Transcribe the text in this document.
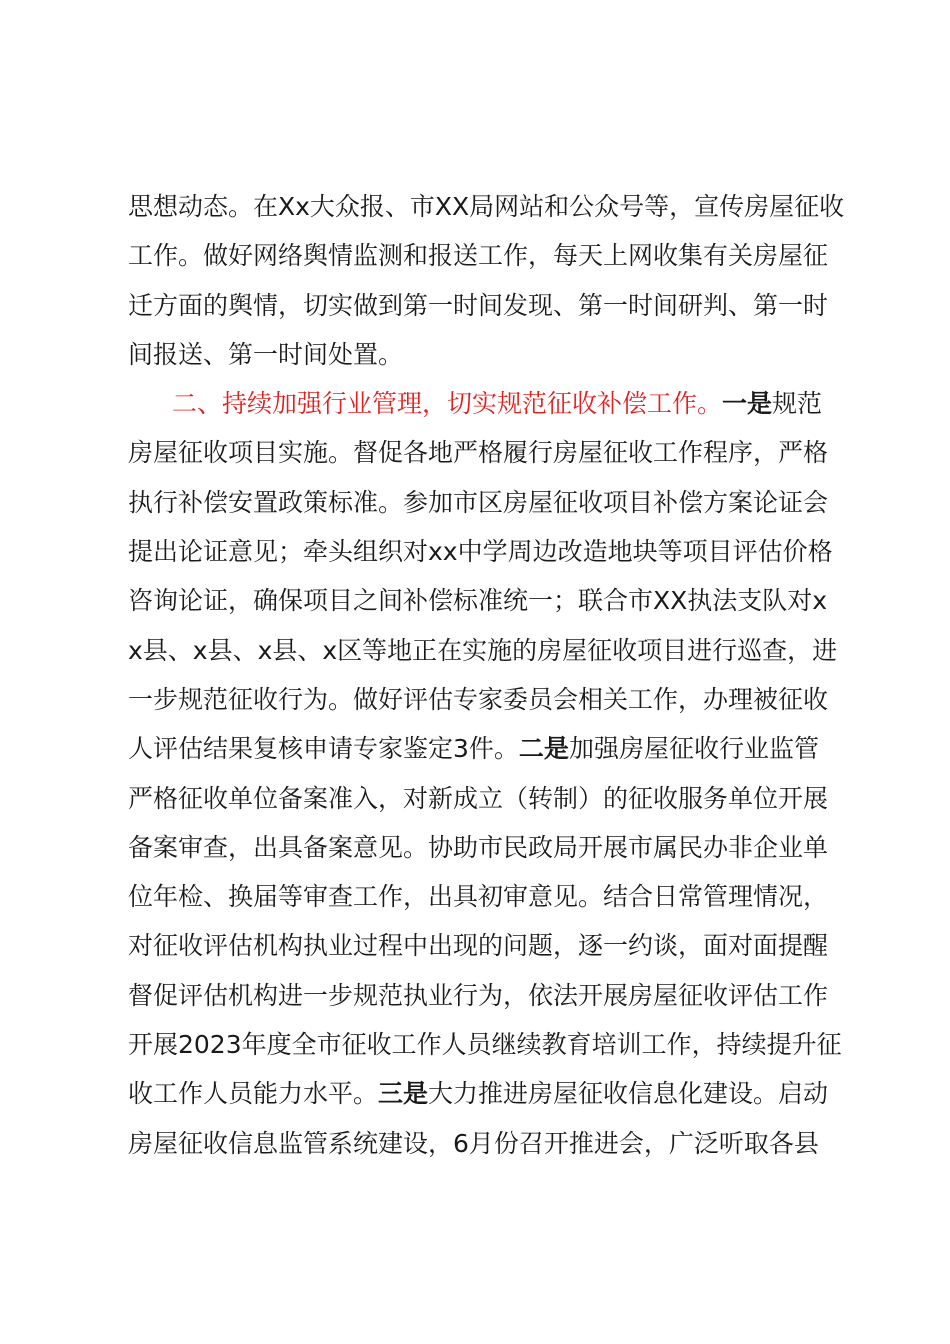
思想动态。在Xx大众报、市XX局网站和公众号等，宣传房屋征收
工作。做好网络舆情监测和报送工作，每天上网收集有关房屋征
迁方面的舆情，切实做到第一时间发现、第一时间研判、第一时
间报送、第一时间处置。
二、持续加强行业管理，切实规范征收补偿工作。一是规范
房屋征收项目实施。督促各地严格履行房屋征收工作程序，严格
执行补偿安置政策标准。参加市区房屋征收项目补偿方案论证会
提出论证意见；牵头组织对xx中学周边改造地块等项目评估价格
咨询论证，确保项目之间补偿标准统一；联合市XX执法支队对x
x县、x县、x县、x区等地正在实施的房屋征收项目进行巡查，进
一步规范征收行为。做好评估专家委员会相关工作，办理被征收
人评估结果复核申请专家鉴定3件。二是加强房屋征收行业监管
严格征收单位备案准入，对新成立（转制）的征收服务单位开展
备案审查，出具备案意见。协助市民政局开展市属民办非企业单
位年检、换届等审查工作，出具初审意见。结合日常管理情况，
对征收评估机构执业过程中出现的问题，逐一约谈，面对面提醒
督促评估机构进一步规范执业行为，依法开展房屋征收评估工作
开展2023年度全市征收工作人员继续教育培训工作，持续提升征
收工作人员能力水平。三是大力推进房屋征收信息化建设。启动
房屋征收信息监管系统建设，6月份召开推进会，广泛听取各县
